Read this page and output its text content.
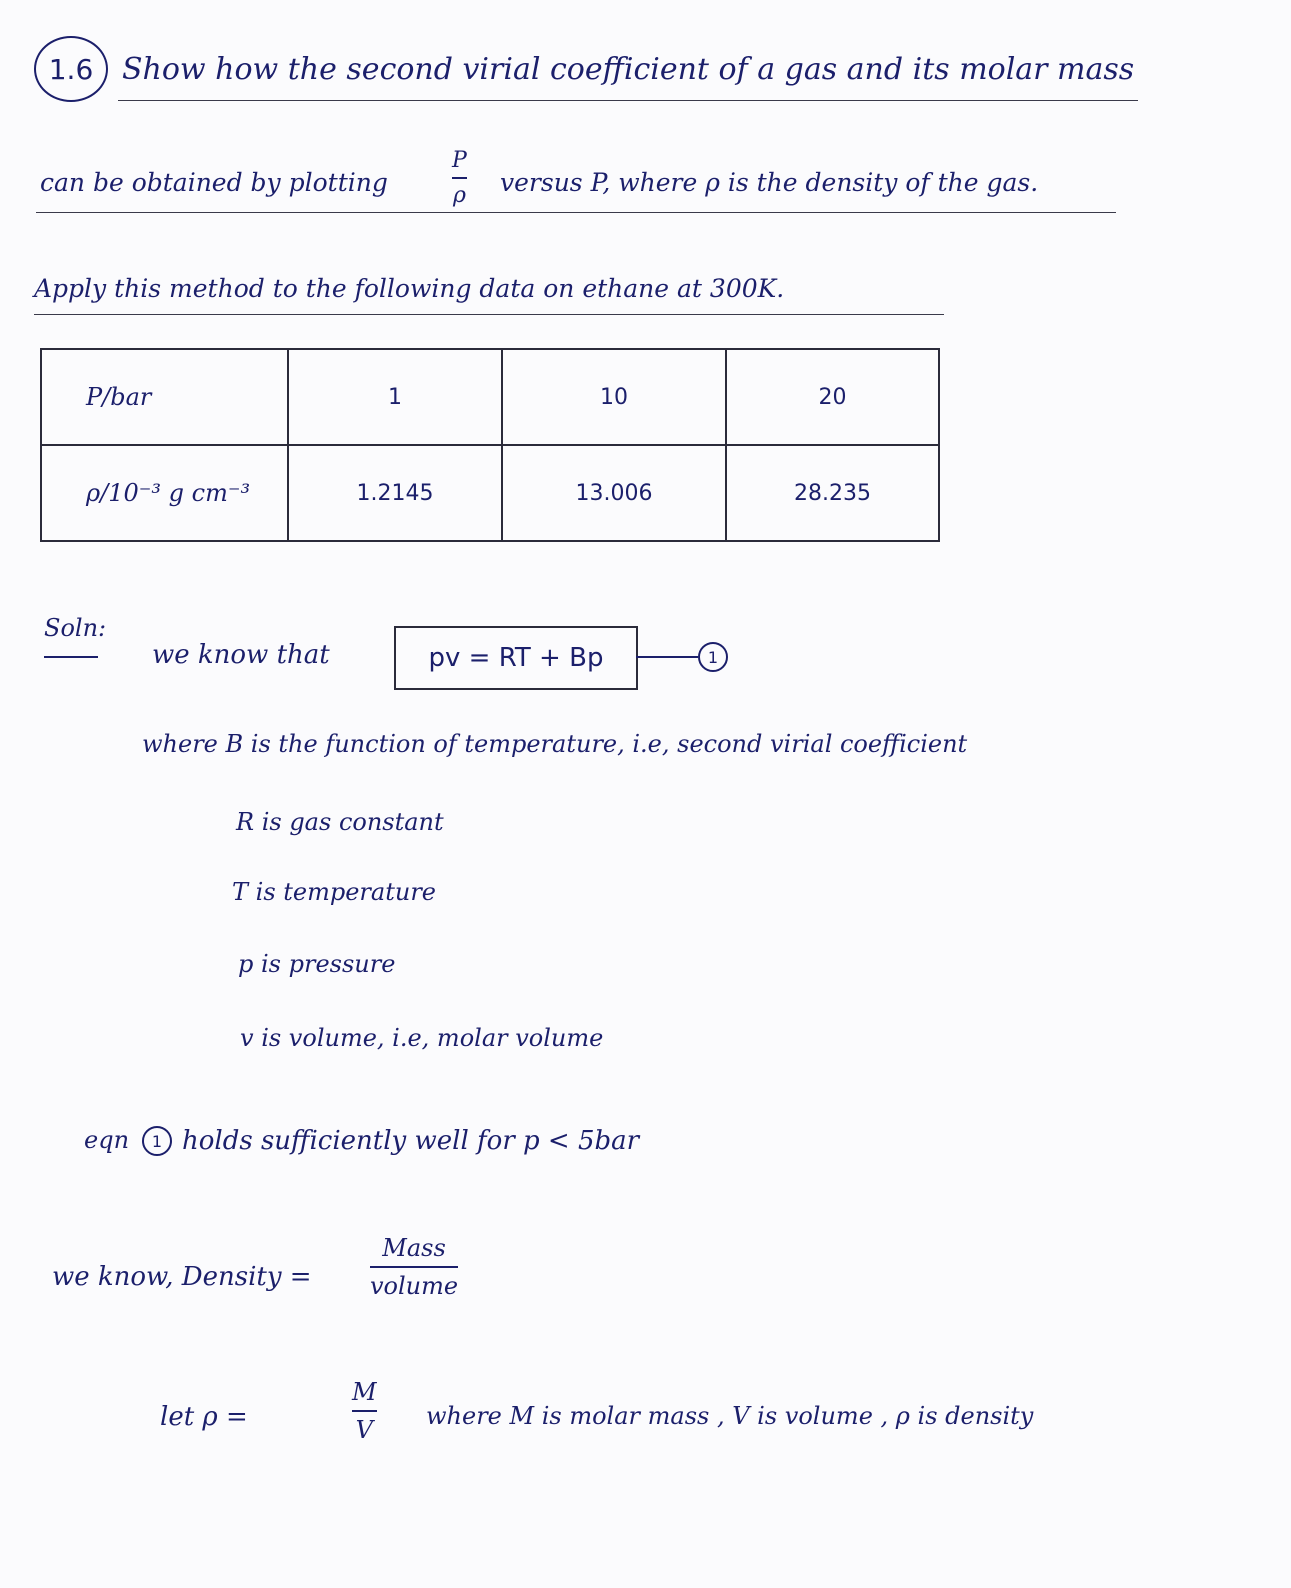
1.6 Show how the second virial coefficient of a gas and its molar mass
can be obtained by plotting
P
ρ versus P, where ρ is the density of the gas.
Apply this method to the following data on ethane at 300K.
P/bar	1	10	20
ρ/10⁻³ g cm⁻³	1.2145	13.006	28.235
Soln:
we know that	pv = RT + Bp	1
where B is the function of temperature, i.e, second virial coefficient
R is gas constant
T is temperature
p is pressure
v is volume, i.e, molar volume
eqn	1 holds sufficiently well for p < 5bar
we know, Density =
Mass
volume
let ρ =
M
V where M is molar mass , V is volume , ρ is density
